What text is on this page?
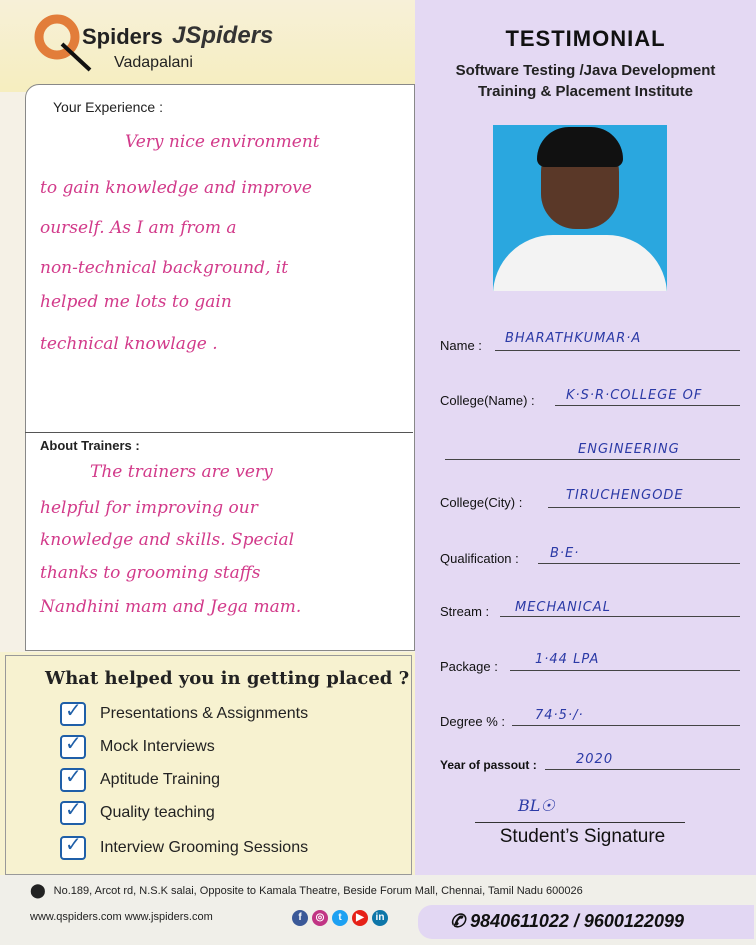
Spiders JSpiders
Vadapalani
TESTIMONIAL
Software Testing /Java Development
Training & Placement Institute
Your Experience :
Very nice environment
to gain knowledge and improve
ourself. As I am from a
non-technical background, it
helped me lots to gain
technical knowlage .
About Trainers :
The trainers are very
helpful for improving our
knowledge and skills. Special
thanks to grooming staffs
Nandhini mam and Jega mam.
What helped you in getting placed ?
✓ Presentations & Assignments
✓ Mock Interviews
✓ Aptitude Training
✓ Quality teaching
✓ Interview Grooming Sessions
Name : BHARATHKUMAR·A
College(Name) : K·S·R·COLLEGE OF
ENGINEERING
College(City) :	TIRUCHENGODE
Qualification : B·E·
Stream : MECHANICAL
Package :	1·44 LPA
Degree % : 74·5·/·
Year of passout :	2020
BL☉
Student’s Signature
⬤ No.189, Arcot rd, N.S.K salai, Opposite to Kamala Theatre, Beside Forum Mall, Chennai, Tamil Nadu 600026
www.qspiders.com www.jspiders.com	f	◎	t	▶	in	✆ 9840611022 / 9600122099
